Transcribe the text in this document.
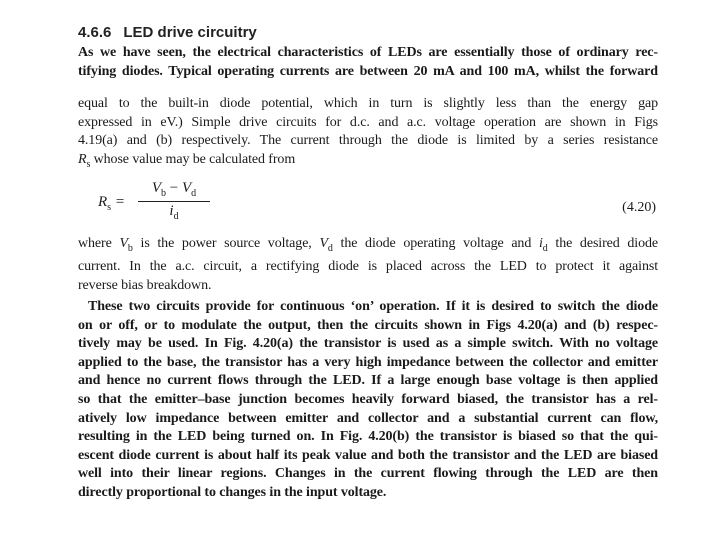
4.6.6 LED drive circuitry
As we have seen, the electrical characteristics of LEDs are essentially those of ordinary rec-
tifying diodes. Typical operating currents are between 20 mA and 100 mA, whilst the forward
equal to the built-in diode potential, which in turn is slightly less than the energy gap
expressed in eV.) Simple drive circuits for d.c. and a.c. voltage operation are shown in Figs
4.19(a) and (b) respectively. The current through the diode is limited by a series resistance
$R_s$ whose value may be calculated from
$R_s$ =
$V_b - V_d$
$i_d$
(4.20)
where $V_b$ is the power source voltage, $V_d$ the diode operating voltage and $i_d$ the desired diode
current. In the a.c. circuit, a rectifying diode is placed across the LED to protect it against
reverse bias breakdown.
These two circuits provide for continuous ‘on’ operation. If it is desired to switch the diode
on or off, or to modulate the output, then the circuits shown in Figs 4.20(a) and (b) respec-
tively may be used. In Fig. 4.20(a) the transistor is used as a simple switch. With no voltage
applied to the base, the transistor has a very high impedance between the collector and emitter
and hence no current flows through the LED. If a large enough base voltage is then applied
so that the emitter–base junction becomes heavily forward biased, the transistor has a rel-
atively low impedance between emitter and collector and a substantial current can flow,
resulting in the LED being turned on. In Fig. 4.20(b) the transistor is biased so that the qui-
escent diode current is about half its peak value and both the transistor and the LED are biased
well into their linear regions. Changes in the current flowing through the LED are then
directly proportional to changes in the input voltage.
